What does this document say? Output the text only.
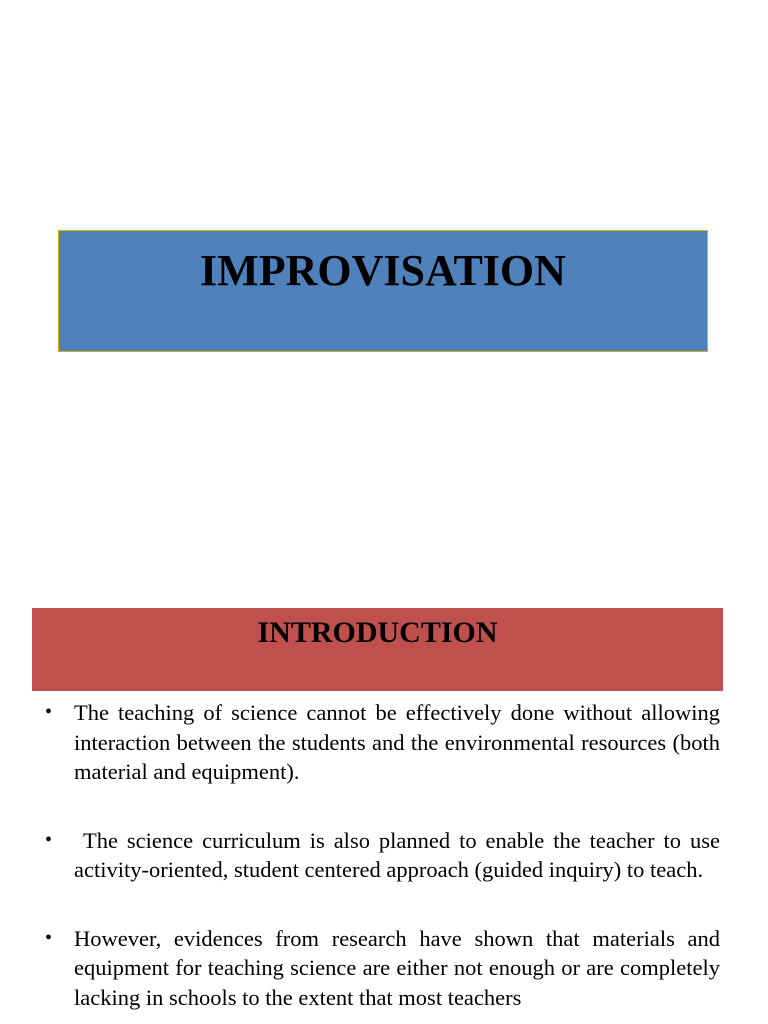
IMPROVISATION
INTRODUCTION
• The teaching of science cannot be effectively done without allowing interaction between the students and the environmental resources (both material and equipment).
• The science curriculum is also planned to enable the teacher to use activity-oriented, student centered approach (guided inquiry) to teach.
• However, evidences from research have shown that materials and equipment for teaching science are either not enough or are completely lacking in schools to the extent that most teachers
